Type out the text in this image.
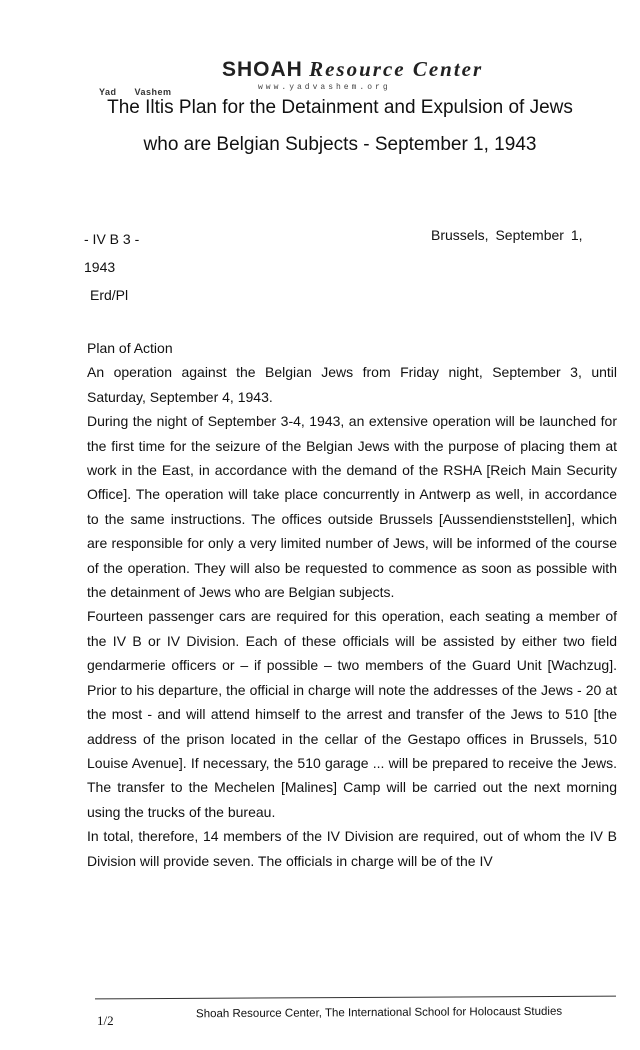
SHOAH Resource Center
www.yadvashem.org
Yad Vashem
The Iltis Plan for the Detainment and Expulsion of Jews
who are Belgian Subjects - September 1, 1943
- IV B 3 -	Brussels, September 1,
1943
Erd/Pl

Plan of Action

An operation against the Belgian Jews from Friday night, September 3, until Saturday, September 4, 1943.

During the night of September 3-4, 1943, an extensive operation will be launched for the first time for the seizure of the Belgian Jews with the purpose of placing them at work in the East, in accordance with the demand of the RSHA [Reich Main Security Office]. The operation will take place concurrently in Antwerp as well, in accordance to the same instructions. The offices outside Brussels [Aussendienststellen], which are responsible for only a very limited number of Jews, will be informed of the course of the operation. They will also be requested to commence as soon as possible with the detainment of Jews who are Belgian subjects.

Fourteen passenger cars are required for this operation, each seating a member of the IV B or IV Division. Each of these officials will be assisted by either two field gendarmerie officers or – if possible – two members of the Guard Unit [Wachzug]. Prior to his departure, the official in charge will note the addresses of the Jews - 20 at the most - and will attend himself to the arrest and transfer of the Jews to 510 [the address of the prison located in the cellar of the Gestapo offices in Brussels, 510 Louise Avenue]. If necessary, the 510 garage ... will be prepared to receive the Jews. The transfer to the Mechelen [Malines] Camp will be carried out the next morning using the trucks of the bureau.

In total, therefore, 14 members of the IV Division are required, out of whom the IV B Division will provide seven. The officials in charge will be of the IV

1/2	Shoah Resource Center, The International School for Holocaust Studies
